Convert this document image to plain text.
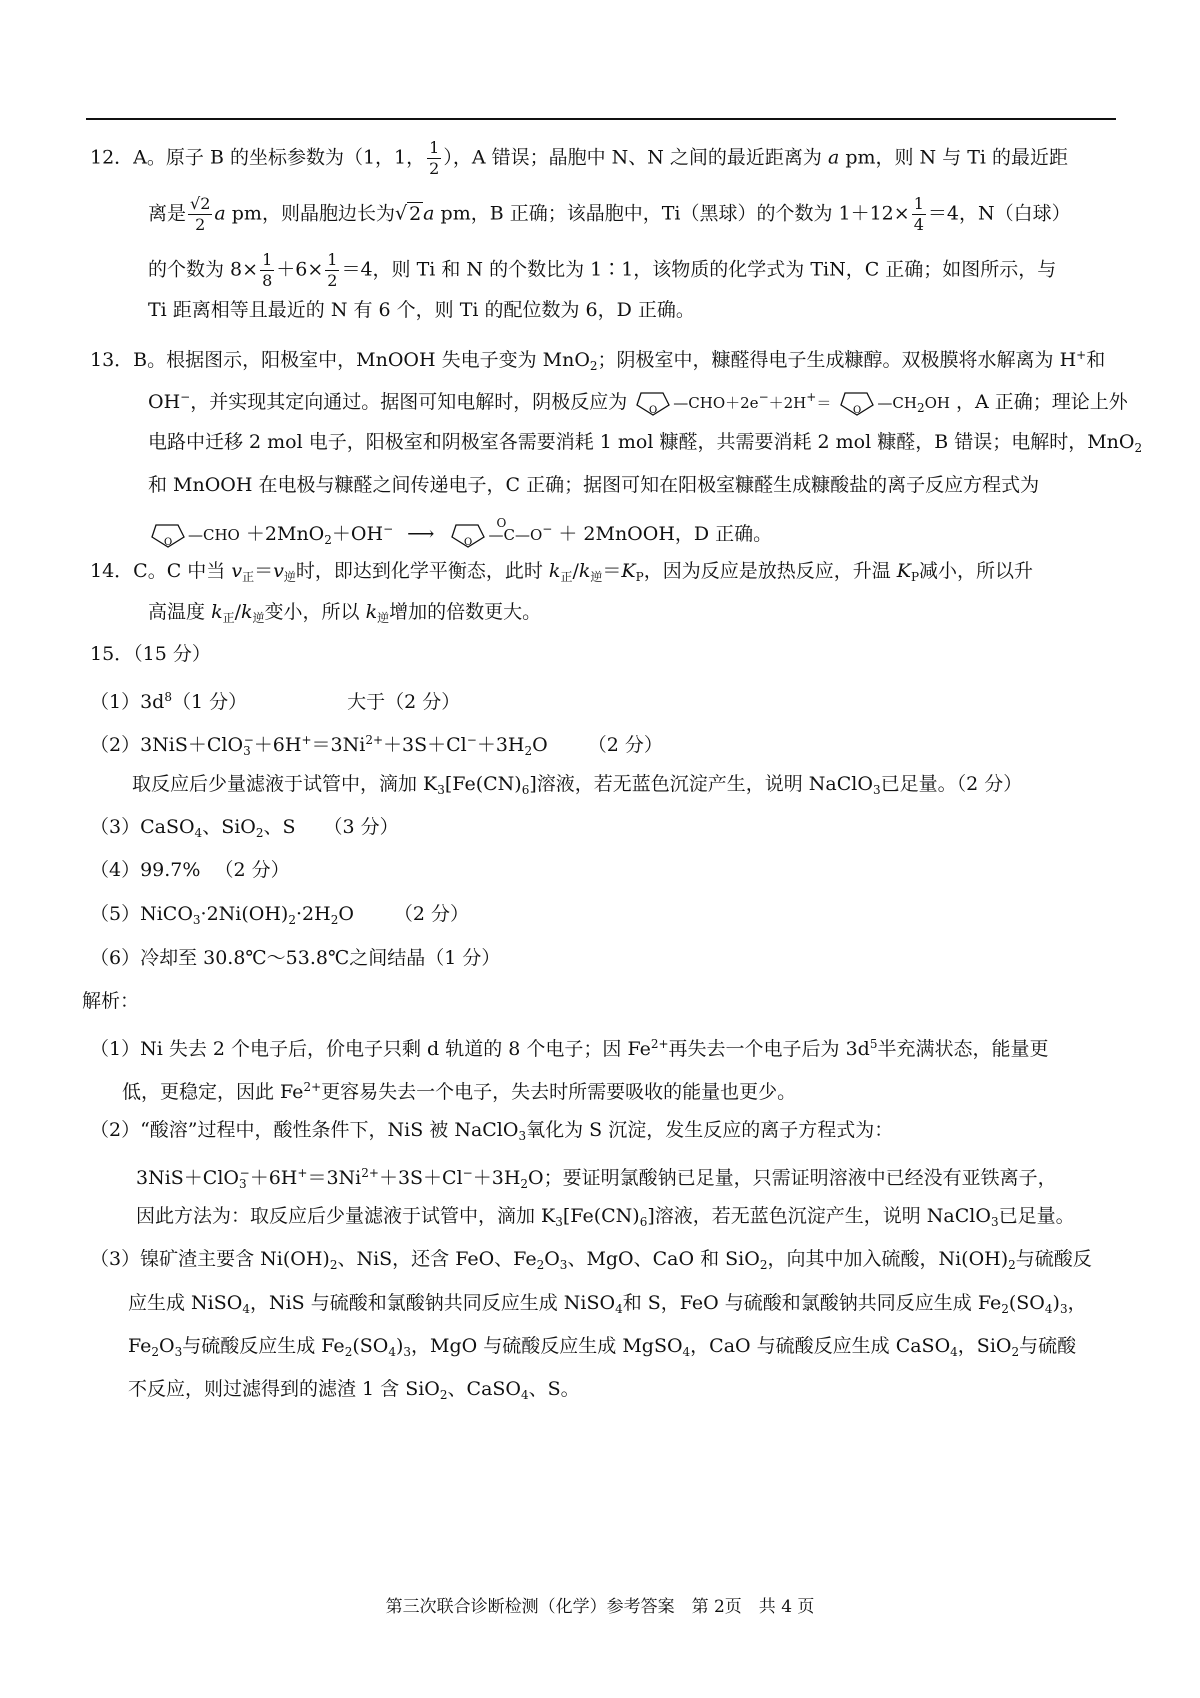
12．A。原子 B 的坐标参数为（1，1， $\frac{1}{2}$ ），A 错误；晶胞中 N、N 之间的最近距离为 a pm，则 N 与 Ti 的最近距
离是 $\frac{√2}{2}$ a pm，则晶胞边长为√ 2 a pm，B 正确；该晶胞中，Ti（黑球）的个数为 $1+12\times \frac{1}{4} =4$，N（白球）
的个数为 $8\times \frac{1}{8} +6\times \frac{1}{2} =4$，则 Ti 和 N 的个数比为 1∶1，该物质的化学式为 TiN，C 正确；如图所示，与
Ti 距离相等且最近的 N 有 6 个，则 Ti 的配位数为 6，D 正确。
13．B。根据图示，阳极室中，MnOOH 失电子变为 MnO$_2$；阴极室中，糠醛得电子生成糠醇。双极膜将水解离为 H+和
OH−，并实现其定向通过。据图可知电解时，阴极反应为 O —CHO＋2e−＋2H+＝ O $—CH_2OH$ ，A 正确；理论上外
电路中迁移 2 mol 电子，阳极室和阴极室各需要消耗 1 mol 糠醛，共需要消耗 2 mol 糠醛，B 错误；电解时，MnO$_2$
和 MnOOH 在电极与糠醛之间传递电子，C 正确；据图可知在阳极室糠醛生成糠酸盐的离子反应方程式为
O —CHO ＋2MnO$_2$＋OH− ⟶	O
O
—C—O− ＋ 2MnOOH，D 正确。
14．C。C 中当 $v_正=v_逆$时，即达到化学平衡态，此时 $k_正/k_逆=K_P$，因为反应是放热反应，升温 $K_P$减小，所以升
高温度 $k_正/k_逆$变小，所以 $k_逆$增加的倍数更大。
15．（15 分）
$(1)3d^8(1$ 分）	大于（2 分）
$(2)3NiS+ClO_3^-+6H^+=3Ni^{2+}+3S+Cl^-+3H_2O$ （2 分）
取反应后少量滤液于试管中，滴加 $K_3[Fe(CN)_6]$溶液，若无蓝色沉淀产生，说明 NaClO$_3$已足量。（2 分）
（3）CaSO$_4$、SiO$_2$、S （3 分）
（4）99.7% （2 分）
$(5)NiCO_3\cdot 2Ni(OH)_2\cdot 2H_2O$ （2 分）
（6）冷却至 30.8℃～53.8℃之间结晶（1 分）
解析：
（1）Ni 失去 2 个电子后，价电子只剩 d 轨道的 8 个电子；因 $Fe^{2+}$再失去一个电子后为 $3d^5$半充满状态，能量更
低，更稳定，因此 $Fe^{2+}$更容易失去一个电子，失去时所需要吸收的能量也更少。
（2）“酸溶”过程中，酸性条件下，NiS 被 NaClO$_3$氧化为 S 沉淀，发生反应的离子方程式为：
$3NiS+ClO_3^-+6H^+=3Ni^{2+}+3S+Cl^-+3H_2O$；要证明氯酸钠已足量，只需证明溶液中已经没有亚铁离子，
因此方法为：取反应后少量滤液于试管中，滴加 $K_3[Fe(CN)_6]$溶液，若无蓝色沉淀产生，说明 NaClO$_3$已足量。
（3）镍矿渣主要含 $Ni(OH)_2$、NiS，还含 FeO、$Fe_2O_3$、MgO、CaO 和 SiO$_2$，向其中加入硫酸，$Ni(OH)_2$与硫酸反
应生成 NiSO$_4$，NiS 与硫酸和氯酸钠共同反应生成 NiSO$_4$和 S，FeO 与硫酸和氯酸钠共同反应生成 $Fe_2(SO_4)_3$，
$Fe_2O_3$与硫酸反应生成 $Fe_2(SO_4)_3$，MgO 与硫酸反应生成 MgSO$_4$，CaO 与硫酸反应生成 CaSO$_4$，SiO$_2$与硫酸
不反应，则过滤得到的滤渣 1 含 SiO$_2$、CaSO$_4$、S。
第三次联合诊断检测（化学）参考答案　第 2页　共 4 页
